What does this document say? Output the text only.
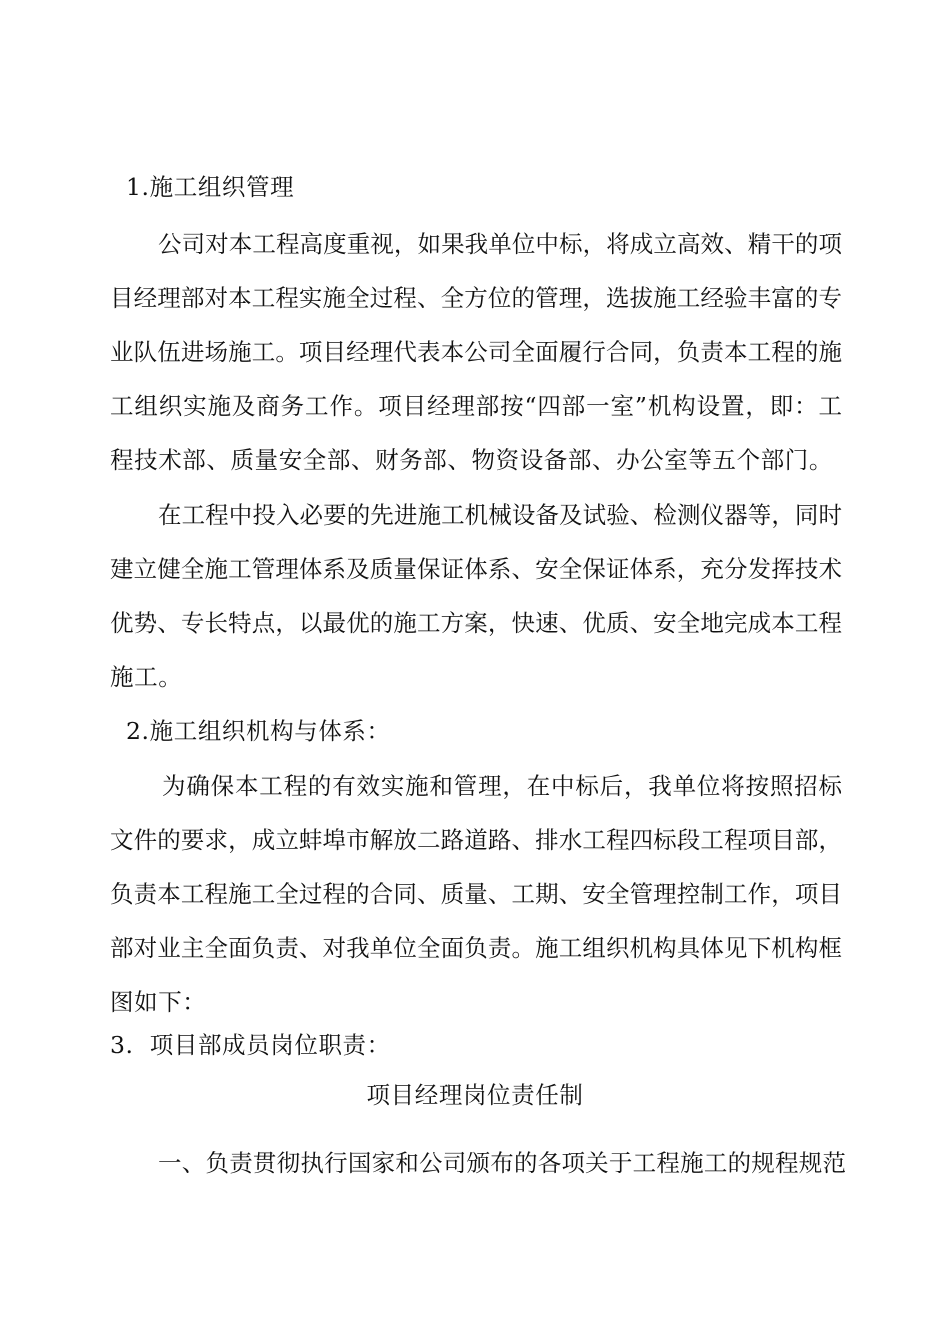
1.施工组织管理
公司对本工程高度重视，如果我单位中标，将成立高效、精干的项
目经理部对本工程实施全过程、全方位的管理，选拔施工经验丰富的专
业队伍进场施工。项目经理代表本公司全面履行合同，负责本工程的施
工组织实施及商务工作。项目经理部按“四部一室”机构设置，即：工
程技术部、质量安全部、财务部、物资设备部、办公室等五个部门。
在工程中投入必要的先进施工机械设备及试验、检测仪器等，同时
建立健全施工管理体系及质量保证体系、安全保证体系，充分发挥技术
优势、专长特点，以最优的施工方案，快速、优质、安全地完成本工程
施工。
2.施工组织机构与体系：
为确保本工程的有效实施和管理，在中标后，我单位将按照招标
文件的要求，成立蚌埠市解放二路道路、排水工程四标段工程项目部，
负责本工程施工全过程的合同、质量、工期、安全管理控制工作，项目
部对业主全面负责、对我单位全面负责。施工组织机构具体见下机构框
图如下：
3.  项目部成员岗位职责：
项目经理岗位责任制
一、负责贯彻执行国家和公司颁布的各项关于工程施工的规程规范
